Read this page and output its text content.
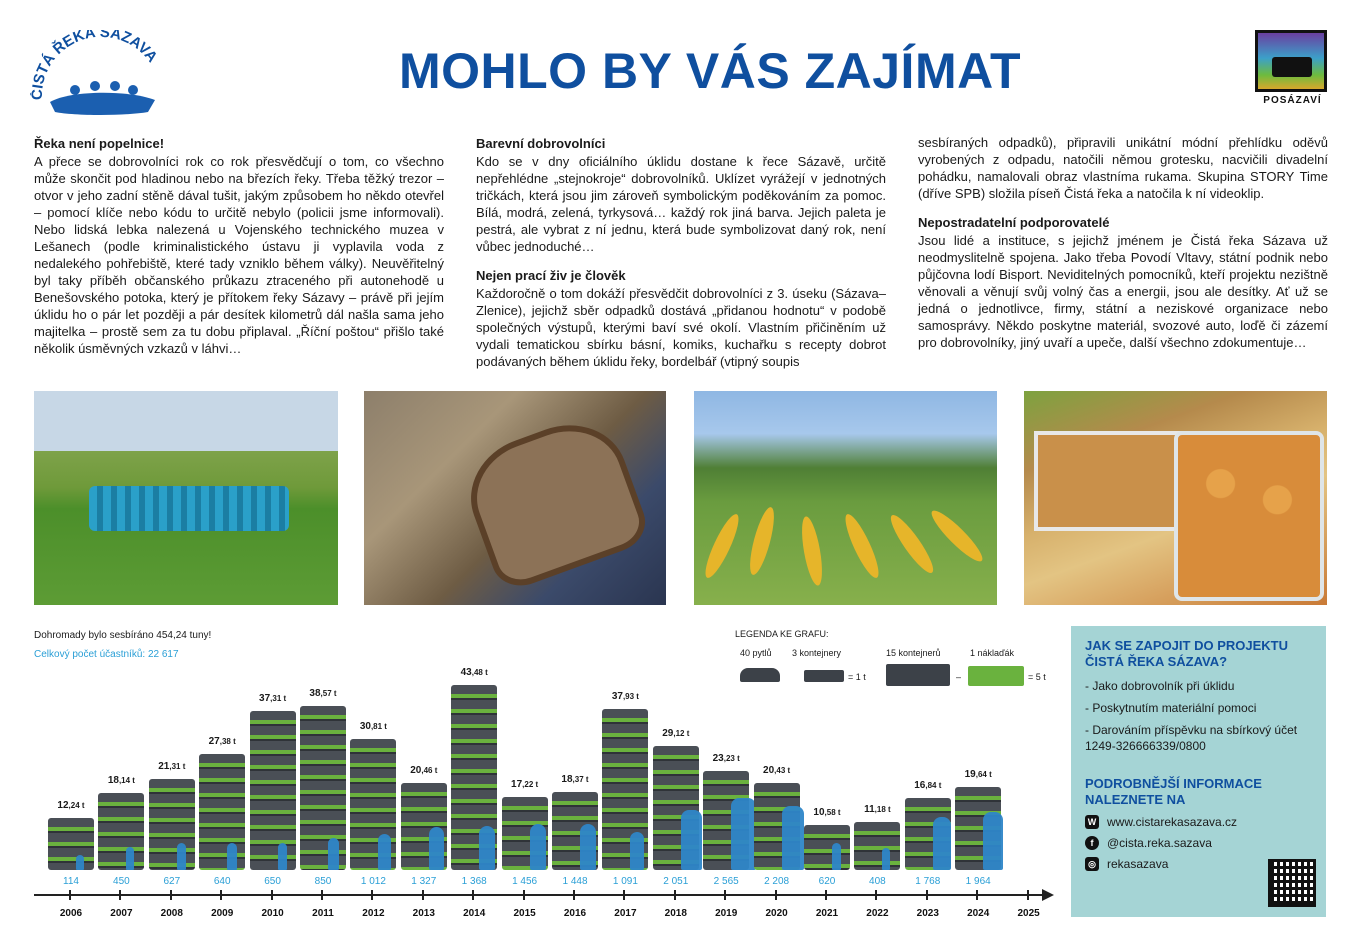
ČISTÁ ŘEKA SÁZAVA
POSÁZAVÍ
MOHLO BY VÁS ZAJÍMAT
Řeka není popelnice!

A přece se dobrovolníci rok co rok přesvědčují o tom, co všechno může skončit pod hladinou nebo na březích řeky. Třeba těžký trezor – otvor v jeho zadní stěně dával tušit, jakým způsobem ho někdo otevřel – pomocí klíče nebo kódu to určitě nebylo (policii jsme informovali). Nebo lidská lebka nalezená u Vojenského technického muzea v Lešanech (podle kriminalistického ústavu ji vyplavila voda z nedalekého pohřebiště, které tady vzniklo během války). Neuvěřitelný byl taky příběh občanského průkazu ztraceného při autonehodě u Benešovského potoka, který je přítokem řeky Sázavy – právě při jejím úklidu ho o pár let později a pár desítek kilometrů dál našla sama jeho majitelka – prostě sem za tu dobu připlaval. „Říční poštou“ přišlo také několik úsměvných vzkazů v láhvi…

Barevní dobrovolníci

Kdo se v dny oficiálního úklidu dostane k řece Sázavě, určitě nepřehlédne „stejnokroje“ dobrovolníků. Uklízet vyrážejí v jednotných tričkách, která jsou jim zároveň symbolickým poděkováním za pomoc. Bílá, modrá, zelená, tyrkysová… každý rok jiná barva. Jejich paleta je pestrá, ale vybrat z ní jednu, která bude symbolizovat daný rok, není vůbec jednoduché…

Nejen prací živ je člověk

Každoročně o tom dokáží přesvědčit dobrovolníci z 3. úseku (Sázava–Zlenice), jejichž sběr odpadků dostává „přidanou hodnotu“ v podobě společných výstupů, kterými baví své okolí. Vlastním přičiněním už vydali tematickou sbírku básní, komiks, kuchařku s recepty dobrot podávaných během úklidu řeky, bordelbář (vtipný soupis

sesbíraných odpadků), připravili unikátní módní přehlídku oděvů vyrobených z odpadu, natočili němou grotesku, nacvičili divadelní pohádku, namalovali obraz vlastníma rukama. Skupina STORY Time (dříve SPB) složila píseň Čistá řeka a natočila k ní videoklip.

Nepostradatelní podporovatelé

Jsou lidé a instituce, s jejichž jménem je Čistá řeka Sázava už neodmyslitelně spojena. Jako třeba Povodí Vltavy, státní podnik nebo půjčovna lodí Bisport. Neviditelných pomocníků, kteří projektu nezištně věnovali a věnují svůj volný čas a energii, jsou ale desítky. Ať už se jedná o jednotlivce, firmy, státní a neziskové organizace nebo samosprávy. Někdo poskytne materiál, svozové auto, loďě či zázemí pro dobrovolníky, jiný uvaří a upeče, další všechno zdokumentuje…

Dohromady bylo sesbíráno 454,24 tuny!
Celkový počet účastníků: 22 617
LEGENDA KE GRAFU:
40 pytlů 3 kontejnery	15 kontejnerů	1 náklaďák
= 1 t	–	= 5 t
2006
12,24 t
114
2007
18,14 t
450
2008
21,31 t
627
2009
27,38 t
640
2010
37,31 t
650
2011
38,57 t
850
2012
30,81 t
1 012
2013
20,46 t
1 327
2014
43,48 t
1 368
2015
17,22 t
1 456
2016
18,37 t
1 448
2017
37,93 t
1 091
2018
29,12 t
2 051
2019
23,23 t
2 565
2020
20,43 t
2 208
2021
10,58 t
620
2022
11,18 t
408
2023
16,84 t
1 768
2024
19,64 t
1 964
2025
JAK SE ZAPOJIT DO PROJEKTU ČISTÁ ŘEKA SÁZAVA?
- Jako dobrovolník při úklidu
- Poskytnutím materiální pomoci
- Darováním příspěvku na sbírkový účet 1249-326666339/0800
PODROBNĚJŠÍ INFORMACE NALEZNETE NA
W www.cistarekasazava.cz
f	@cista.reka.sazava
◎ rekasazava
